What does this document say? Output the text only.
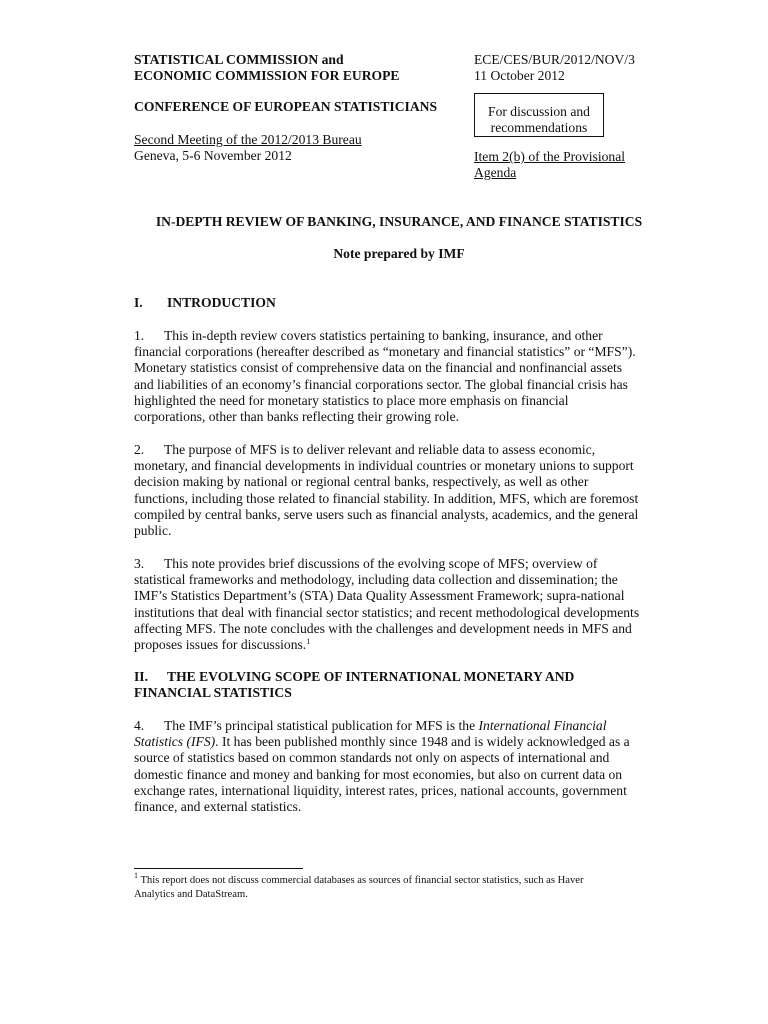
STATISTICAL COMMISSION and
ECONOMIC COMMISSION FOR EUROPE
CONFERENCE OF EUROPEAN STATISTICIANS
Second Meeting of the 2012/2013 Bureau
Geneva, 5-6 November 2012
ECE/CES/BUR/2012/NOV/3
11 October 2012
For discussion and
recommendations
Item 2(b) of the Provisional
Agenda
IN-DEPTH REVIEW OF BANKING, INSURANCE, AND FINANCE STATISTICS
Note prepared by IMF
I. INTRODUCTION
1. This in-depth review covers statistics pertaining to banking, insurance, and other
financial corporations (hereafter described as “monetary and financial statistics” or “MFS”).
Monetary statistics consist of comprehensive data on the financial and nonfinancial assets
and liabilities of an economy’s financial corporations sector. The global financial crisis has
highlighted the need for monetary statistics to place more emphasis on financial
corporations, other than banks reflecting their growing role.
2. The purpose of MFS is to deliver relevant and reliable data to assess economic,
monetary, and financial developments in individual countries or monetary unions to support
decision making by national or regional central banks, respectively, as well as other
functions, including those related to financial stability. In addition, MFS, which are foremost
compiled by central banks, serve users such as financial analysts, academics, and the general
public.
3. This note provides brief discussions of the evolving scope of MFS; overview of
statistical frameworks and methodology, including data collection and dissemination; the
IMF’s Statistics Department’s (STA) Data Quality Assessment Framework; supra-national
institutions that deal with financial sector statistics; and recent methodological developments
affecting MFS. The note concludes with the challenges and development needs in MFS and
proposes issues for discussions.$^1$
II. THE EVOLVING SCOPE OF INTERNATIONAL MONETARY AND
FINANCIAL STATISTICS
4. The IMF’s principal statistical publication for MFS is the International Financial
Statistics (IFS). It has been published monthly since 1948 and is widely acknowledged as a
source of statistics based on common standards not only on aspects of international and
domestic finance and money and banking for most economies, but also on current data on
exchange rates, international liquidity, interest rates, prices, national accounts, government
finance, and external statistics.
$^1$ This report does not discuss commercial databases as sources of financial sector statistics, such as Haver
Analytics and DataStream.
